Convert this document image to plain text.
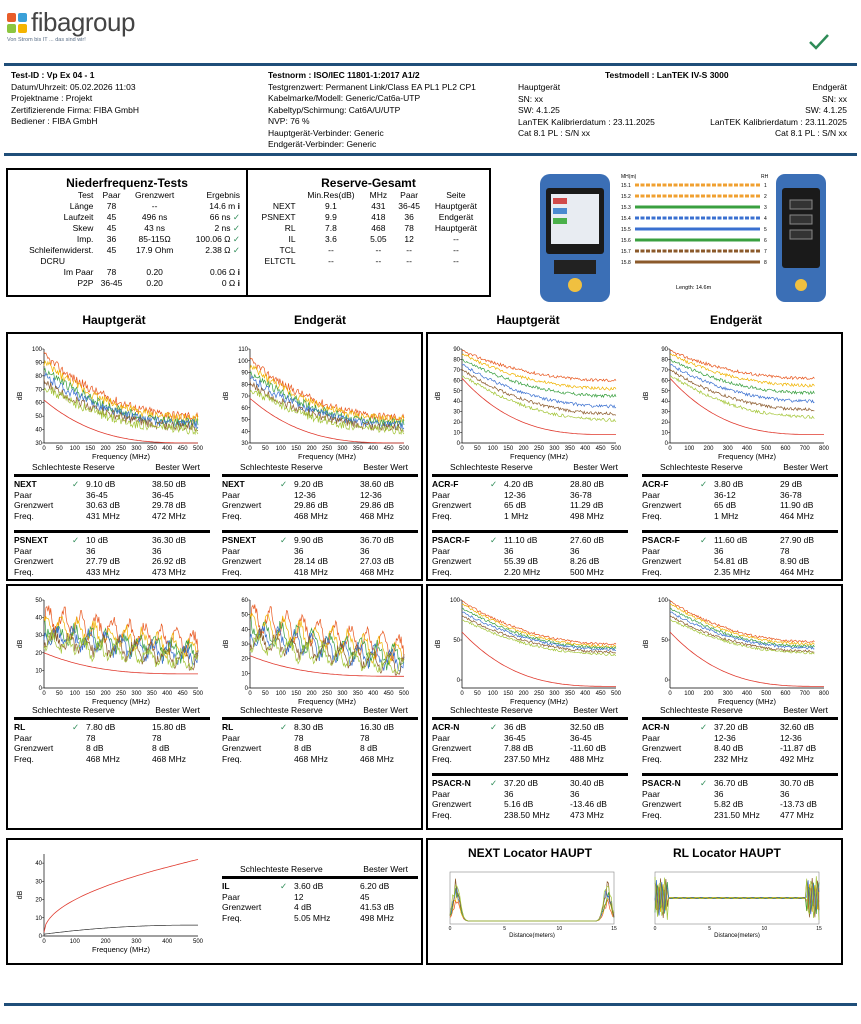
fibagroup
Von Strom bis IT ... das sind wir!
Test-ID : Vp Ex 04 - 1
Datum/Uhrzeit: 05.02.2026 11:03
Projektname : Projekt
Zertifizierende Firma: FIBA GmbH
Bediener : FIBA GmbH
Testnorm : ISO/IEC 11801-1:2017 A1/2
Testgrenzwert: Permanent Link/Class EA PL1 PL2 CP1
Kabelmarke/Modell: Generic/Cat6a-UTP
Kabeltyp/Schirmung: Cat6A/U/UTP
NVP: 76 %
Hauptgerät-Verbinder: Generic
Endgerät-Verbinder: Generic
Testmodell : LanTEK IV-S 3000
Hauptgerät
SN: xx
SW: 4.1.25
LanTEK Kalibrierdatum : 23.11.2025
Cat 8.1 PL : S/N xx
Endgerät
SN: xx
SW: 4.1.25
LanTEK Kalibrierdatum : 23.11.2025
Cat 8.1 PL : S/N xx
Niederfrequenz-Tests
Test	Paar	Grenzwert	Ergebnis
Länge	78	--	14.6 m i
Laufzeit	45	496 ns	66 ns ✓
Skew	45	43 ns	2 ns ✓
Imp.	36	85-115Ω	100.06 Ω ✓
Schleifenwiderst.	45	17.9 Ohm	2.38 Ω ✓
DCRU			
Im Paar	78	0.20	0.06 Ω i
P2P	36-45	0.20	0 Ω i
Reserve-Gesamt
	Min.Res(dB)	MHz	Paar	Seite
NEXT	9.1	431	36-45	Hauptgerät
PSNEXT	9.9	418	36	Endgerät
RL	7.8	468	78	Hauptgerät
IL	3.6	5.05	12	--
TCL	--	--	--	--
ELTCTL	--	--	--	--
MH(m)	RH
15.1	1
15.2	2
15.3	3
15.4	4
15.5	5
15.6	6
15.7	7
15.8	8
Length: 14.6m
Hauptgerät	Endgerät	Hauptgerät	Endgerät
30
40
50
60
70
80
90
100
0 50 100 150 200 250 300 350 400 450 500
Frequency (MHz)
dB
30
40
50
60
70
80
90
100
110
0 50 100 150 200 250 300 350 400 450 500
Frequency (MHz)
dB
0
10
20
30
40
50
60
70
80
90
0 50 100 150 200 250 300 350 400 450 500
Frequency (MHz)
dB
0
10
20
30
40
50
60
70
80
90
0 100 200 300 400 500 600 700 800
Frequency (MHz)
dB
0
10
20
30
40
50
0 50 100 150 200 250 300 350 400 450 500
Frequency (MHz)
dB
0
10
20
30
40
50
60
0 50 100 150 200 250 300 350 400 450 500
Frequency (MHz)
dB
0
50
100
0 50 100 150 200 250 300 350 400 450 500
Frequency (MHz)
dB
0
50
100
0 100 200 300 400 500 600 700 800
Frequency (MHz)
dB
0
10
20
30
40
0	100	200	300	400	500
Frequency (MHz)
dB
0	5	10	15
Distance(meters)
0	5	10	15
Distance(meters)
Schlechteste Reserve	Bester Wert
NEXT	✓	9.10 dB	38.50 dB
Paar		36-45	36-45
Grenzwert		30.63 dB	29.78 dB
Freq.		431 MHz	472 MHz
Schlechteste Reserve	Bester Wert
NEXT	✓	9.20 dB	38.60 dB
Paar		12-36	12-36
Grenzwert		29.86 dB	29.86 dB
Freq.		468 MHz	468 MHz
Schlechteste Reserve	Bester Wert
ACR-F	✓	4.20 dB	28.80 dB
Paar		12-36	36-78
Grenzwert		65 dB	11.29 dB
Freq.		1 MHz	498 MHz
Schlechteste Reserve	Bester Wert
ACR-F	✓	3.80 dB	29 dB
Paar		36-12	36-78
Grenzwert		65 dB	11.90 dB
Freq.		1 MHz	464 MHz
PSNEXT	✓	10 dB	36.30 dB
Paar		36	36
Grenzwert		27.79 dB	26.92 dB
Freq.		433 MHz	473 MHz
PSNEXT	✓	9.90 dB	36.70 dB
Paar		36	36
Grenzwert		28.14 dB	27.03 dB
Freq.		418 MHz	468 MHz
PSACR-F	✓	11.10 dB	27.60 dB
Paar		36	36
Grenzwert		55.39 dB	8.26 dB
Freq.		2.20 MHz	500 MHz
PSACR-F	✓	11.60 dB	27.90 dB
Paar		36	78
Grenzwert		54.81 dB	8.90 dB
Freq.		2.35 MHz	464 MHz
Schlechteste Reserve	Bester Wert
RL	✓	7.80 dB	15.80 dB
Paar		78	78
Grenzwert		8 dB	8 dB
Freq.		468 MHz	468 MHz
Schlechteste Reserve	Bester Wert
RL	✓	8.30 dB	16.30 dB
Paar		78	78
Grenzwert		8 dB	8 dB
Freq.		468 MHz	468 MHz
Schlechteste Reserve	Bester Wert
ACR-N	✓	36 dB	32.50 dB
Paar		36-45	36-45
Grenzwert		7.88 dB	-11.60 dB
Freq.		237.50 MHz	488 MHz
Schlechteste Reserve	Bester Wert
ACR-N	✓	37.20 dB	32.60 dB
Paar		12-36	12-36
Grenzwert		8.40 dB	-11.87 dB
Freq.		232 MHz	492 MHz
PSACR-N	✓	37.20 dB	30.40 dB
Paar		36	36
Grenzwert		5.16 dB	-13.46 dB
Freq.		238.50 MHz	473 MHz
PSACR-N	✓	36.70 dB	30.70 dB
Paar		36	36
Grenzwert		5.82 dB	-13.73 dB
Freq.		231.50 MHz	477 MHz
Schlechteste Reserve	Bester Wert
IL	✓	3.60 dB	6.20 dB
Paar		12	45
Grenzwert		4 dB	41.53 dB
Freq.		5.05 MHz	498 MHz
NEXT Locator HAUPT	RL Locator HAUPT
